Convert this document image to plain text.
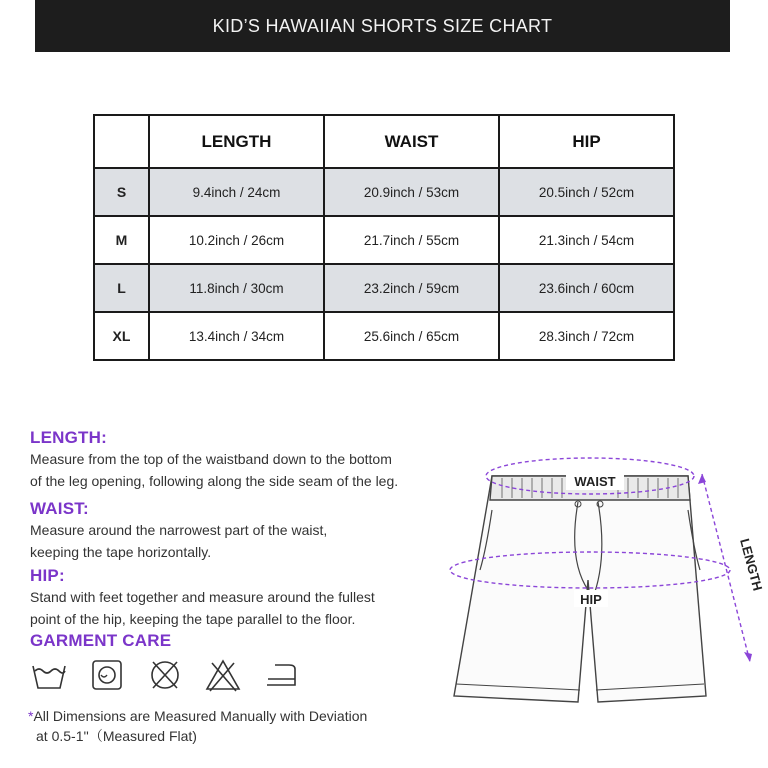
KID’S HAWAIIAN SHORTS SIZE CHART
	LENGTH	WAIST	HIP
S	9.4inch / 24cm	20.9inch / 53cm	20.5inch / 52cm
M	10.2inch / 26cm	21.7inch / 55cm	21.3inch / 54cm
L	11.8inch / 30cm	23.2inch / 59cm	23.6inch / 60cm
XL	13.4inch / 34cm	25.6inch / 65cm	28.3inch / 72cm
LENGTH:
Measure from the top of the waistband down to the bottom
of the leg opening, following along the side seam of the leg.
WAIST:
Measure around the narrowest part of the waist,
keeping the tape horizontally.
HIP:
Stand with feet together and measure around the fullest
point of the hip, keeping the tape parallel to the floor.
GARMENT CARE
*All Dimensions are Measured Manually with Deviation
at 0.5-1''（Measured Flat)
WAIST
HIP
LENGTH
